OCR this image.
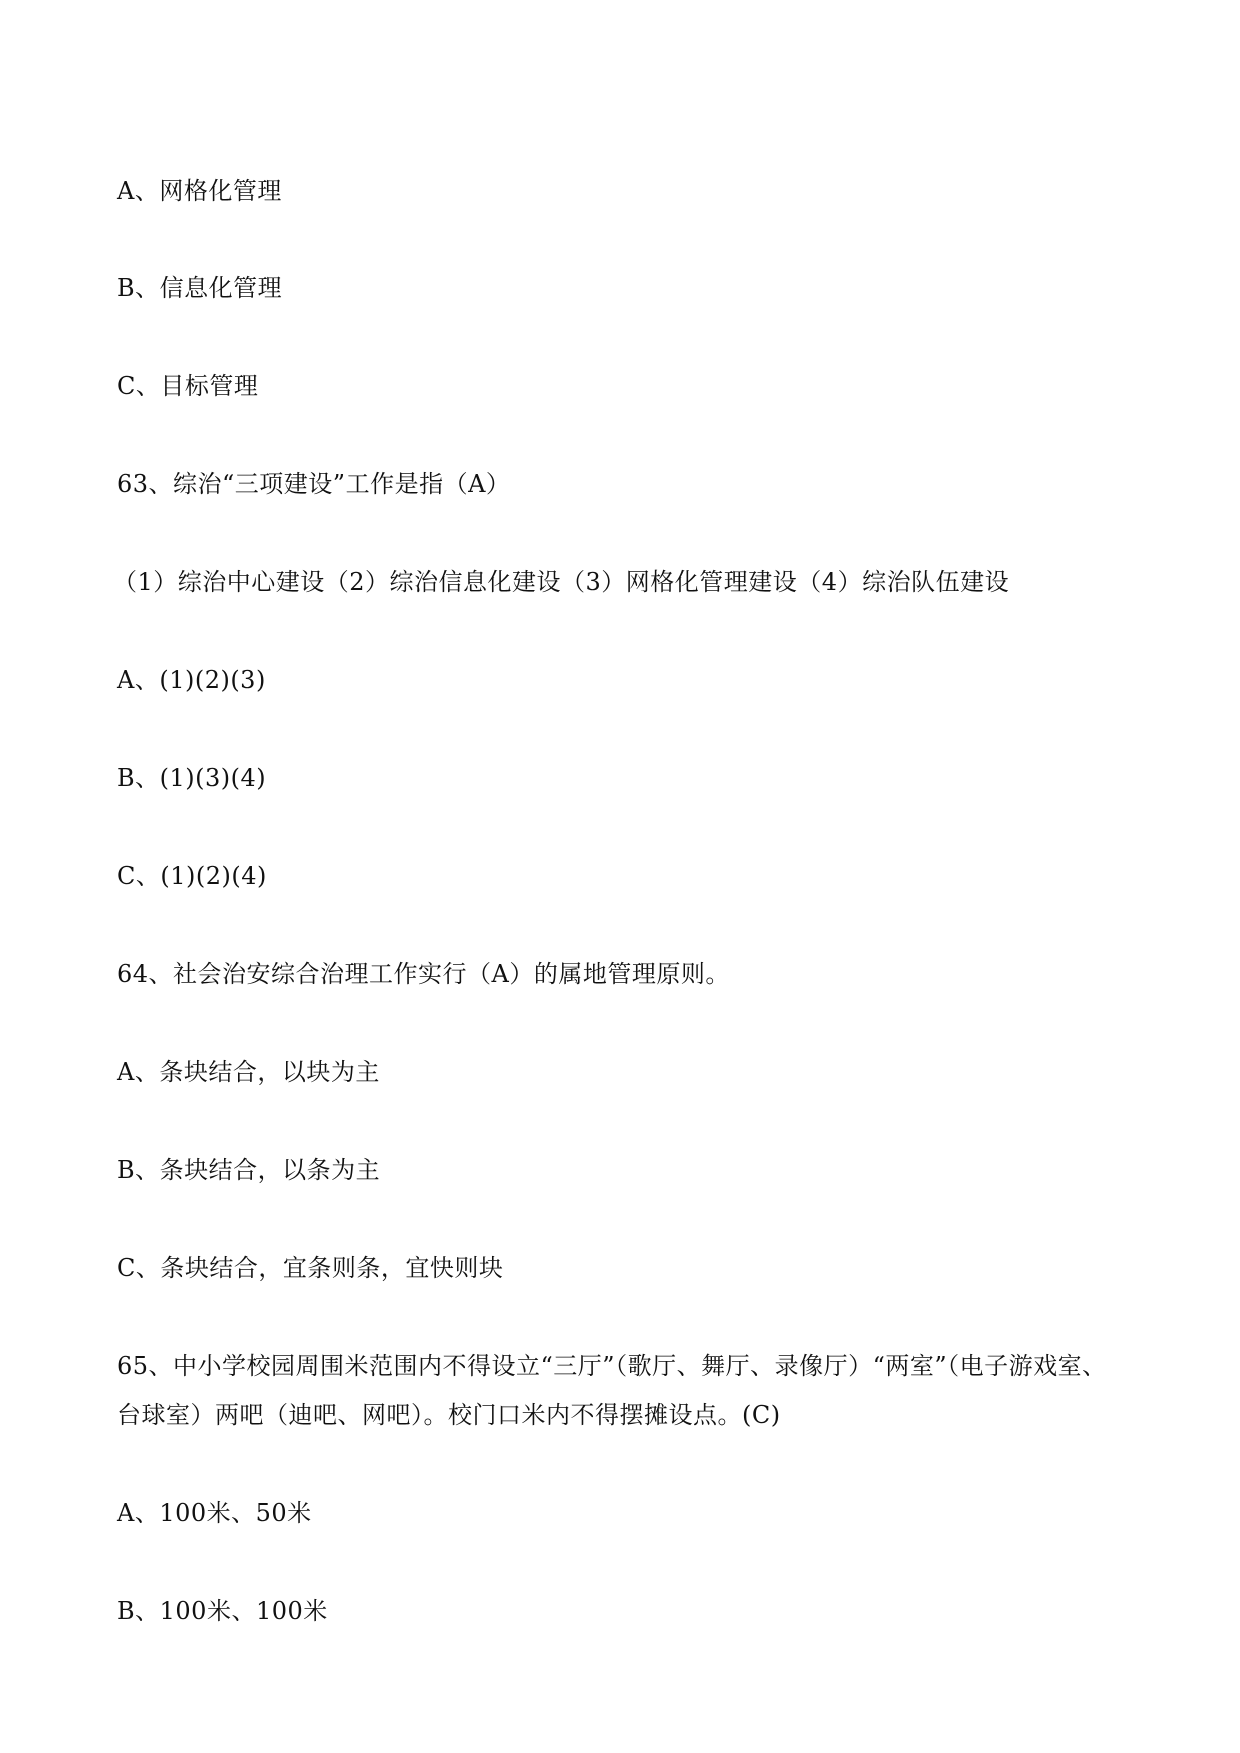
A、网格化管理
B、信息化管理
C、目标管理
63、综治“三项建设”工作是指（A）
（1）综治中心建设（2）综治信息化建设（3）网格化管理建设（4）综治队伍建设
A、(1)(2)(3)
B、(1)(3)(4)
C、(1)(2)(4)
64、社会治安综合治理工作实行（A）的属地管理原则。
A、条块结合，以块为主
B、条块结合，以条为主
C、条块结合，宜条则条，宜快则块
65、中小学校园周围米范围内不得设立“三厅”（歌厅、舞厅、录像厅）“两室”（电子游戏室、
台球室）两吧（迪吧、网吧）。校门口米内不得摆摊设点。(C)
A、100米、50米
B、100米、100米
